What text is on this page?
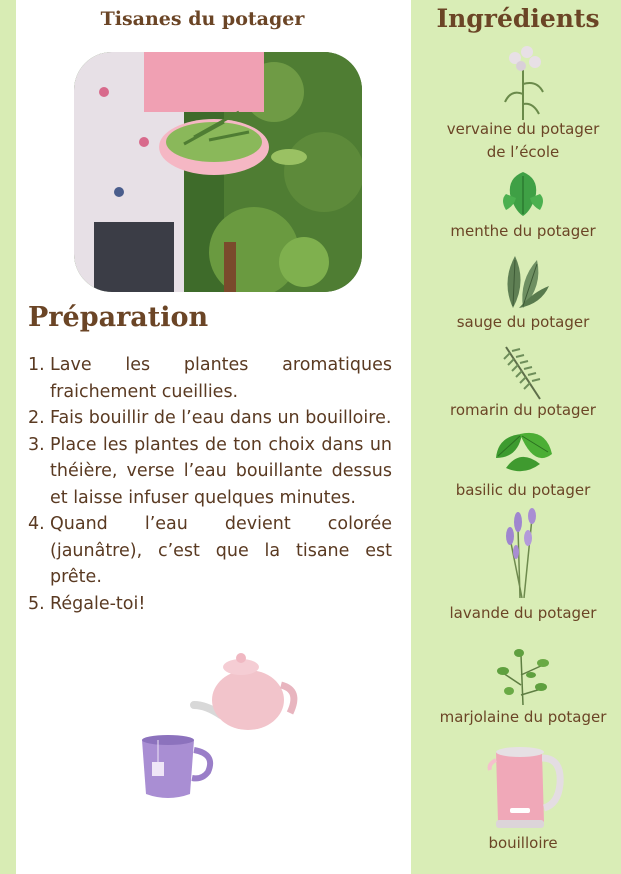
Tisanes du potager
Préparation
1. Lave les plantes aromatiques fraichement cueillies.
2. Fais bouillir de l’eau dans un bouilloire.
3. Place les plantes de ton choix dans un théière, verse l’eau bouillante dessus et laisse infuser quelques minutes.
4. Quand l’eau devient colorée (jaunâtre), c’est que la tisane est prête.
5. Régale-toi!
Ingrédients
vervaine du potager
de l’école
menthe du potager
sauge du potager
romarin du potager
basilic du potager
lavande du potager
marjolaine du potager
bouilloire
